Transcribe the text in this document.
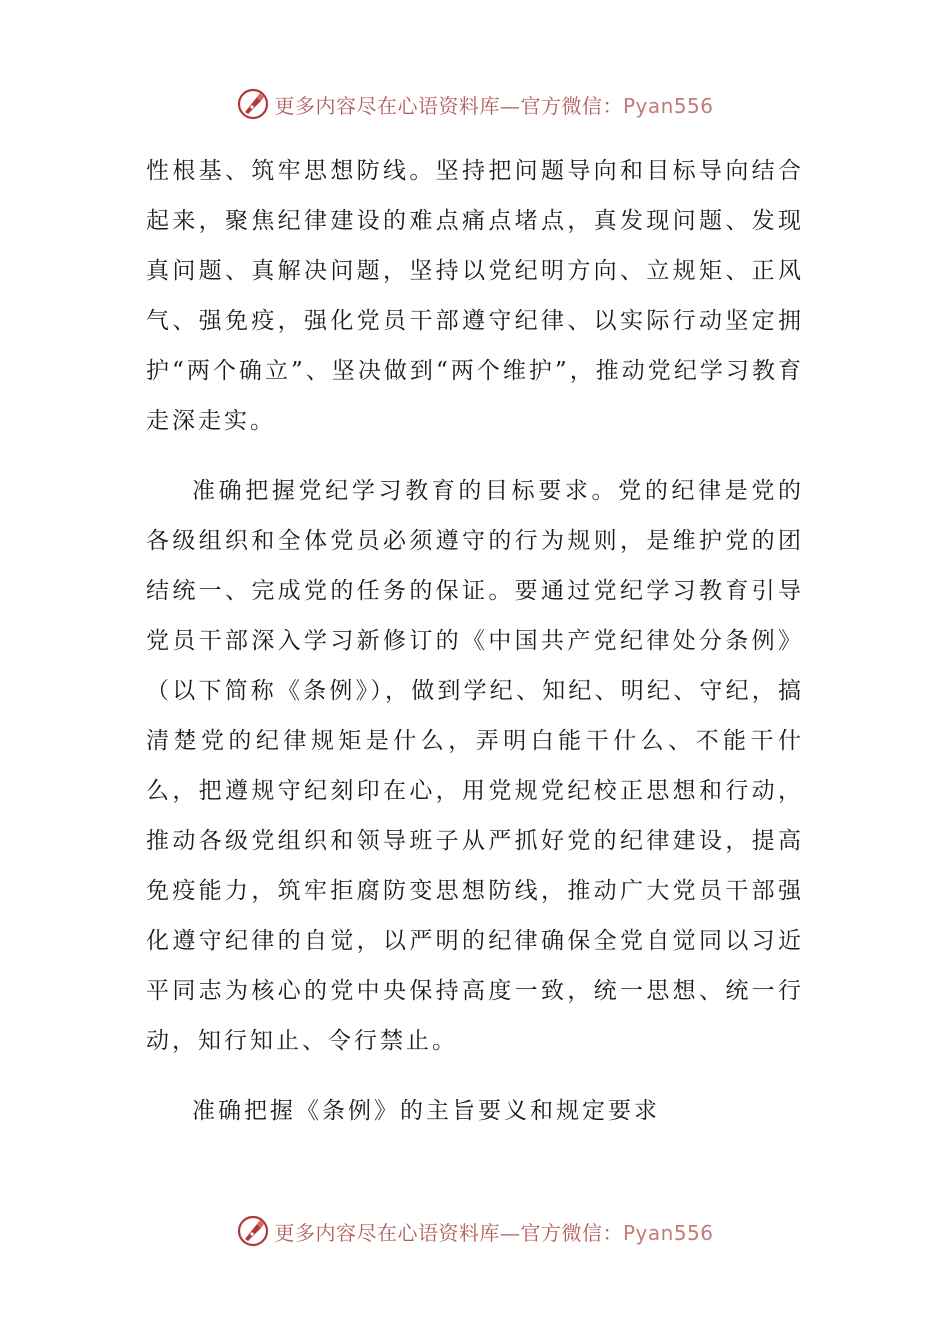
更多内容尽在心语资料库—官方微信：Pyan556

性根基、筑牢思想防线。坚持把问题导向和目标导向结合起来，聚焦纪律建设的难点痛点堵点，真发现问题、发现真问题、真解决问题，坚持以党纪明方向、立规矩、正风气、强免疫，强化党员干部遵守纪律、以实际行动坚定拥护“两个确立”、坚决做到“两个维护”，推动党纪学习教育走深走实。

准确把握党纪学习教育的目标要求。党的纪律是党的各级组织和全体党员必须遵守的行为规则，是维护党的团结统一、完成党的任务的保证。要通过党纪学习教育引导党员干部深入学习新修订的《中国共产党纪律处分条例》（以下简称《条例》），做到学纪、知纪、明纪、守纪，搞清楚党的纪律规矩是什么，弄明白能干什么、不能干什么，把遵规守纪刻印在心，用党规党纪校正思想和行动，推动各级党组织和领导班子从严抓好党的纪律建设，提高免疫能力，筑牢拒腐防变思想防线，推动广大党员干部强化遵守纪律的自觉，以严明的纪律确保全党自觉同以习近平同志为核心的党中央保持高度一致，统一思想、统一行动，知行知止、令行禁止。

准确把握《条例》的主旨要义和规定要求

更多内容尽在心语资料库—官方微信：Pyan556
